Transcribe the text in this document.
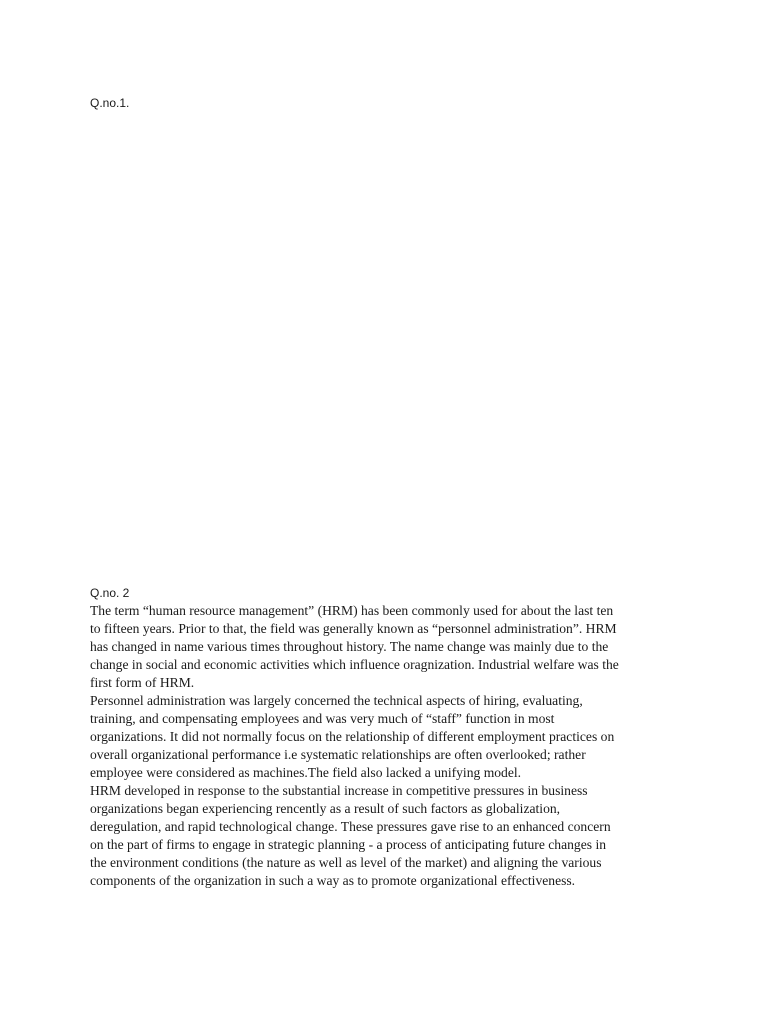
Q.no.1.

Q.no. 2

The term “human resource management” (HRM) has been commonly used for about the last ten
to fifteen years. Prior to that, the field was generally known as “personnel administration”. HRM
has changed in name various times throughout history. The name change was mainly due to the
change in social and economic activities which influence oragnization. Industrial welfare was the
first form of HRM.
Personnel administration was largely concerned the technical aspects of hiring, evaluating,
training, and compensating employees and was very much of “staff” function in most
organizations. It did not normally focus on the relationship of different employment practices on
overall organizational performance i.e systematic relationships are often overlooked; rather
employee were considered as machines.The field also lacked a unifying model.
HRM developed in response to the substantial increase in competitive pressures in business
organizations began experiencing rencently as a result of such factors as globalization,
deregulation, and rapid technological change. These pressures gave rise to an enhanced concern
on the part of firms to engage in strategic planning - a process of anticipating future changes in
the environment conditions (the nature as well as level of the market) and aligning the various
components of the organization in such a way as to promote organizational effectiveness.
